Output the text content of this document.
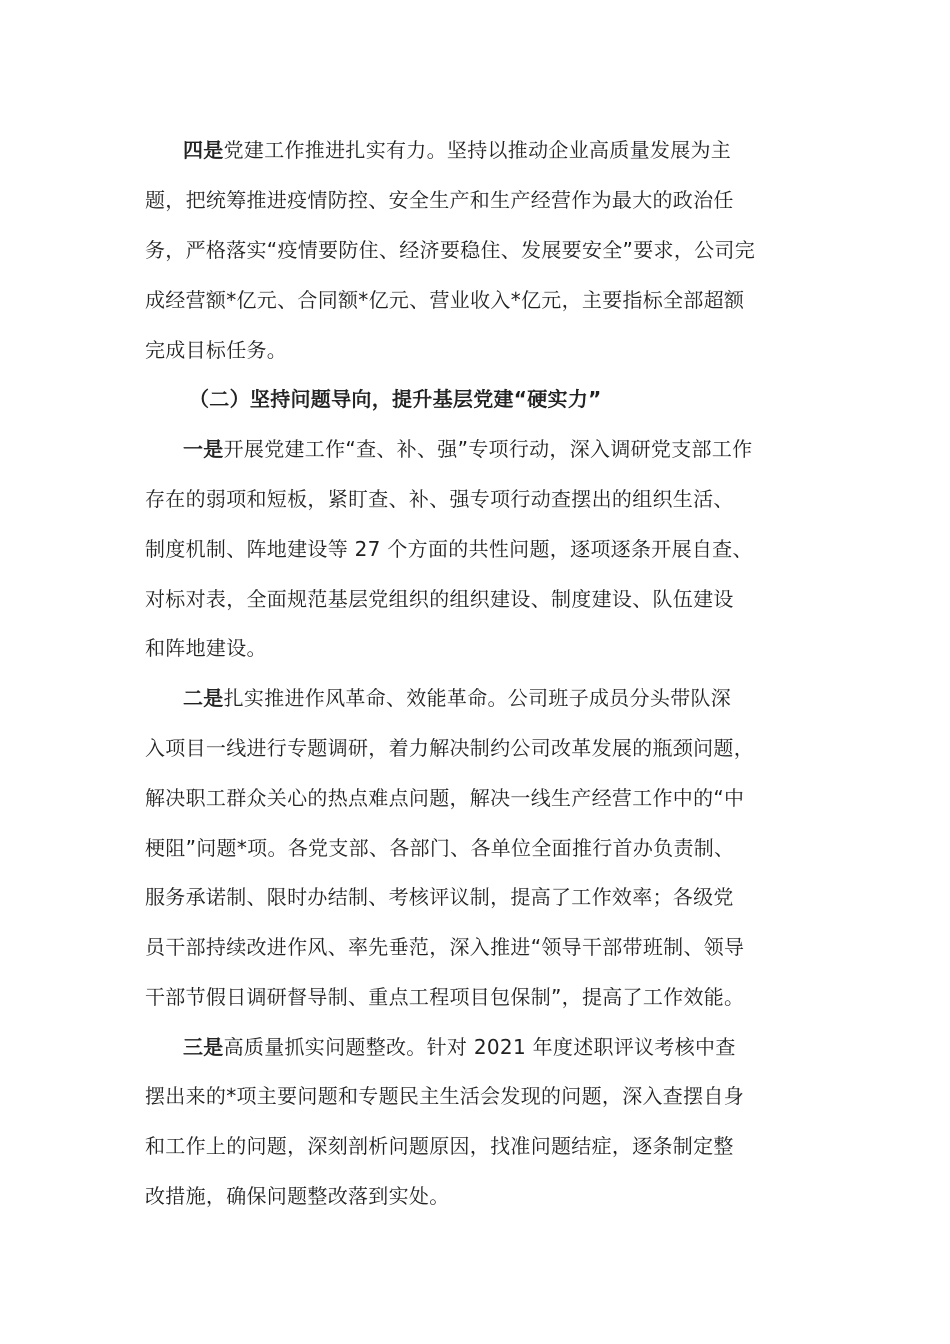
四是党建工作推进扎实有力。坚持以推动企业高质量发展为主
题，把统筹推进疫情防控、安全生产和生产经营作为最大的政治任
务，严格落实“疫情要防住、经济要稳住、发展要安全”要求，公司完
成经营额*亿元、合同额*亿元、营业收入*亿元，主要指标全部超额
完成目标任务。
（二）坚持问题导向，提升基层党建“硬实力”
一是开展党建工作“查、补、强”专项行动，深入调研党支部工作
存在的弱项和短板，紧盯查、补、强专项行动查摆出的组织生活、
制度机制、阵地建设等 27 个方面的共性问题，逐项逐条开展自查、
对标对表，全面规范基层党组织的组织建设、制度建设、队伍建设
和阵地建设。
二是扎实推进作风革命、效能革命。公司班子成员分头带队深
入项目一线进行专题调研，着力解决制约公司改革发展的瓶颈问题，
解决职工群众关心的热点难点问题，解决一线生产经营工作中的“中
梗阻”问题*项。各党支部、各部门、各单位全面推行首办负责制、
服务承诺制、限时办结制、考核评议制，提高了工作效率；各级党
员干部持续改进作风、率先垂范，深入推进“领导干部带班制、领导
干部节假日调研督导制、重点工程项目包保制”，提高了工作效能。
三是高质量抓实问题整改。针对 2021 年度述职评议考核中查
摆出来的*项主要问题和专题民主生活会发现的问题，深入查摆自身
和工作上的问题，深刻剖析问题原因，找准问题结症，逐条制定整
改措施，确保问题整改落到实处。
